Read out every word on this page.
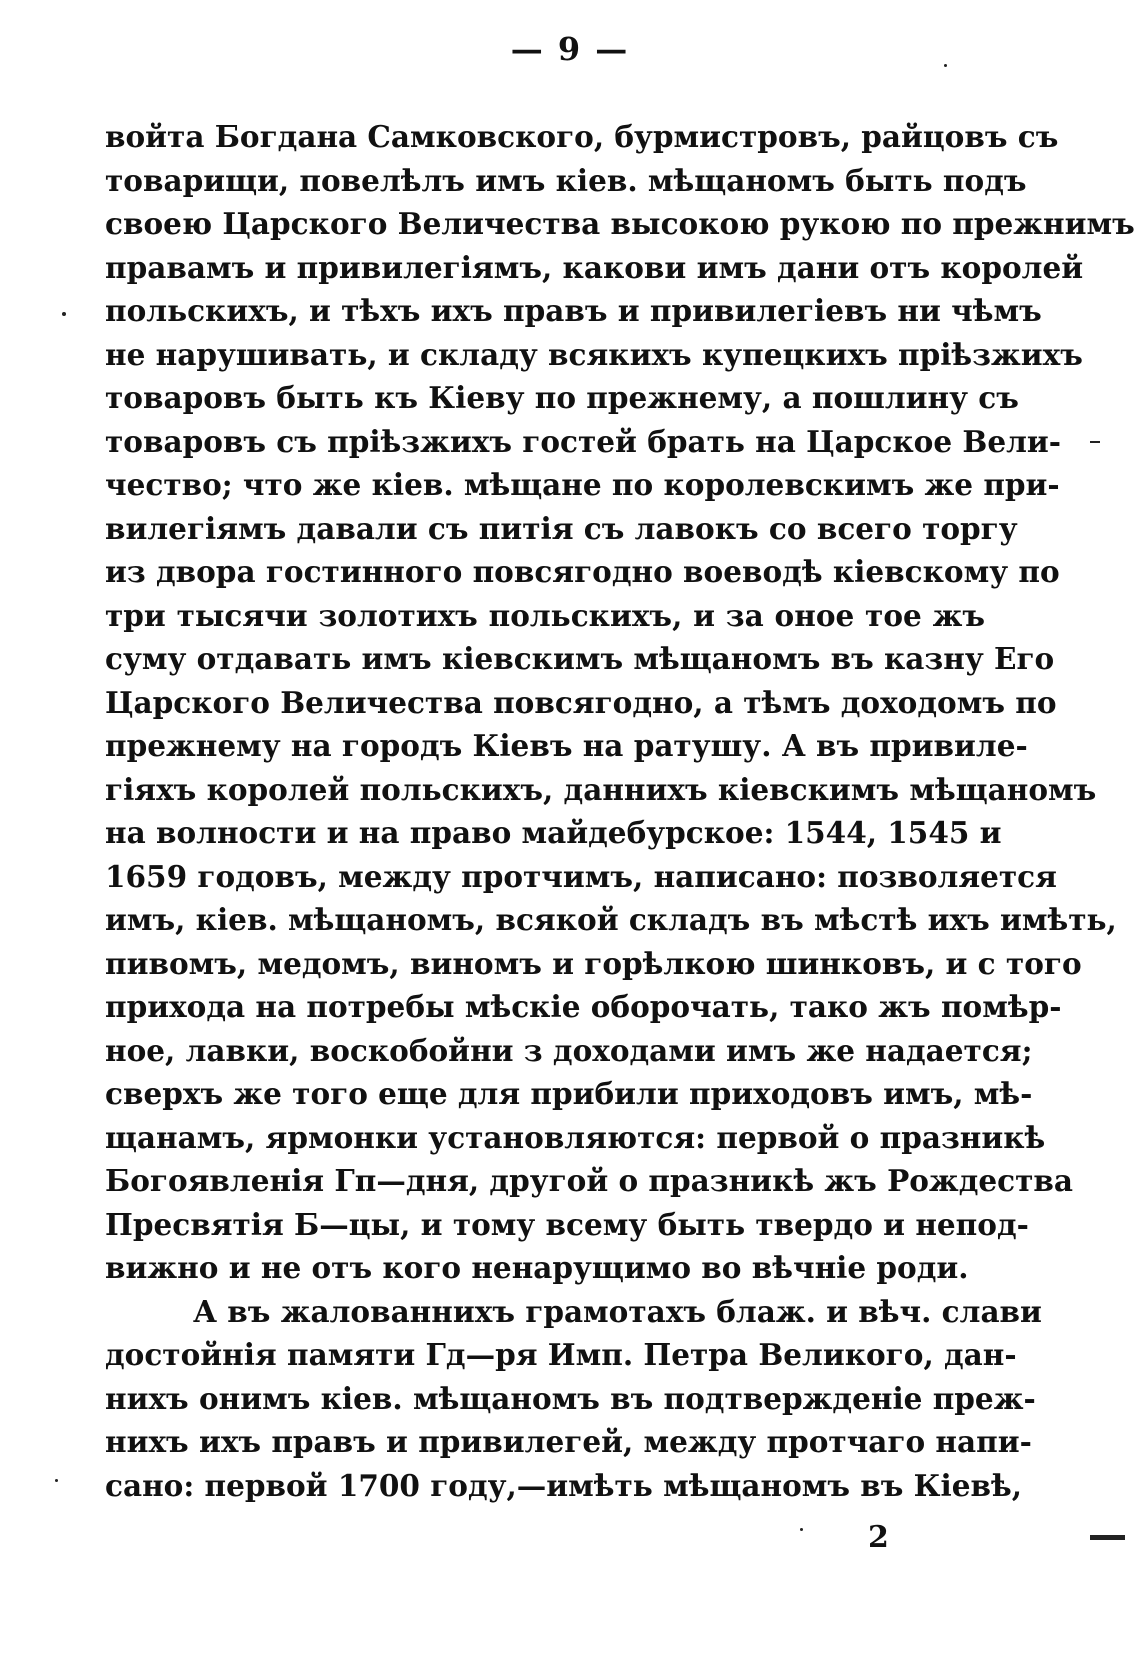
— 9 —
войта Богдана Самковского, бурмистровъ, райцовъ съ
товарищи, повелѣлъ имъ кiев. мѣщаномъ быть подъ
своею Царского Величества высокою рукою по прежнимъ
правамъ и привилегiямъ, какови имъ дани отъ королей
польскихъ, и тѣхъ ихъ правъ и привилегiевъ ни чѣмъ
не нарушивать, и складу всякихъ купецкихъ прiѣзжихъ
товаровъ быть къ Кiеву по прежнему, а пошлину съ
товаровъ съ прiѣзжихъ гостей брать на Царское Вели-
чество; что же кiев. мѣщане по королевскимъ же при-
вилегiямъ давали съ питiя съ лавокъ со всего торгу
из двора гостинного повсягодно воеводѣ кiевскому по
три тысячи золотихъ польскихъ, и за оное тое жъ
суму отдавать имъ кiевскимъ мѣщаномъ въ казну Его
Царского Величества повсягодно, а тѣмъ доходомъ по
прежнему на городъ Кiевъ на ратушу. А въ привиле-
гiяхъ королей польскихъ, даннихъ кiевскимъ мѣщаномъ
на волности и на право майдебурское: 1544, 1545 и
1659 годовъ, между протчимъ, написано: позволяется
имъ, кiев. мѣщаномъ, всякой складъ въ мѣстѣ ихъ имѣть,
пивомъ, медомъ, виномъ и горѣлкою шинковъ, и с того
прихода на потребы мѣскiе оборочать, тако жъ помѣр-
ное, лавки, воскобойни з доходами имъ же надается;
сверхъ же того еще для прибили приходовъ имъ, мѣ-
щанамъ, ярмонки установляются: первой о празникѣ
Богоявленiя Гп—дня, другой о празникѣ жъ Рождества
Пресвятiя Б—цы, и тому всему быть твердо и непод-
вижно и не отъ кого ненарущимо во вѣчнiе роди.
А въ жалованнихъ грамотахъ блаж. и вѣч. слави
достойнiя памяти Гд—ря Имп. Петра Великого, дан-
нихъ онимъ кiев. мѣщаномъ въ подтвержденiе преж-
нихъ ихъ правъ и привилегей, между протчаго напи-
сано: первой 1700 году,—имѣть мѣщаномъ въ Кiевѣ,
2
